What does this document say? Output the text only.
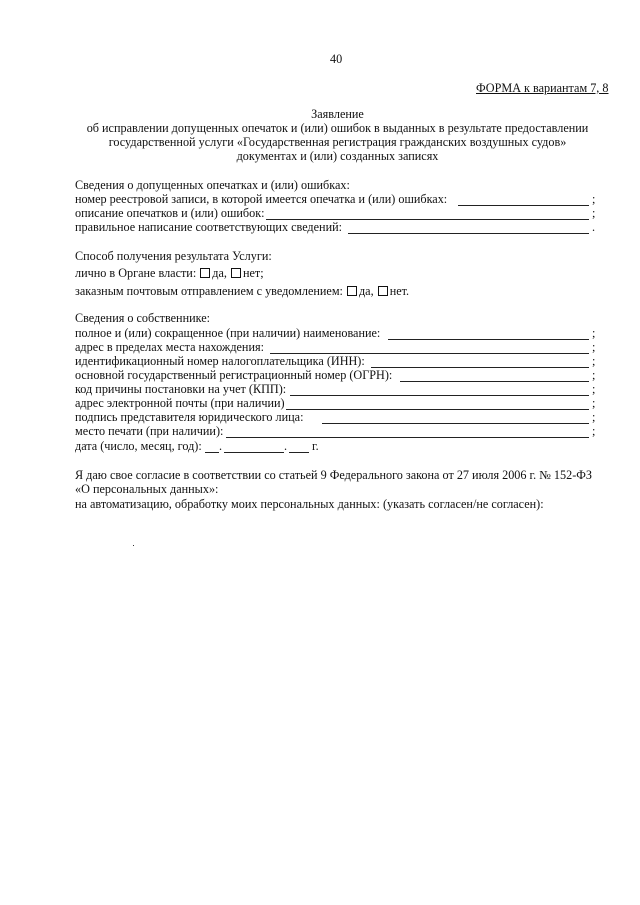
40
ФОРМА к вариантам 7, 8
Заявление
об исправлении допущенных опечаток и (или) ошибок в выданных в результате предоставлении
государственной услуги «Государственная регистрация гражданских воздушных судов»
документах и (или) созданных записях
Сведения о допущенных опечатках и (или) ошибках:
номер реестровой записи, в которой имеется опечатка и (или) ошибках:	;
описание опечатков и (или) ошибок:	;
правильное написание соответствующих сведений:	.
Способ получения результата Услуги:
лично в Органе власти: да, нет;
заказным почтовым отправлением с уведомлением: да, нет.
Сведения о собственнике:
полное и (или) сокращенное (при наличии) наименование:	;
адрес в пределах места нахождения:	;
идентификационный номер налогоплательщика (ИНН):	;
основной государственный регистрационный номер (ОГРН):	;
код причины постановки на учет (КПП):	;
адрес электронной почты (при наличии)	;
подпись представителя юридического лица:	;
место печати (при наличии):	;
дата (число, месяц, год): .	. г.
Я даю свое согласие в соответствии со статьей 9 Федерального закона от 27 июля 2006 г. № 152-ФЗ
«О персональных данных»:
на автоматизацию, обработку моих персональных данных: (указать согласен/не согласен):
